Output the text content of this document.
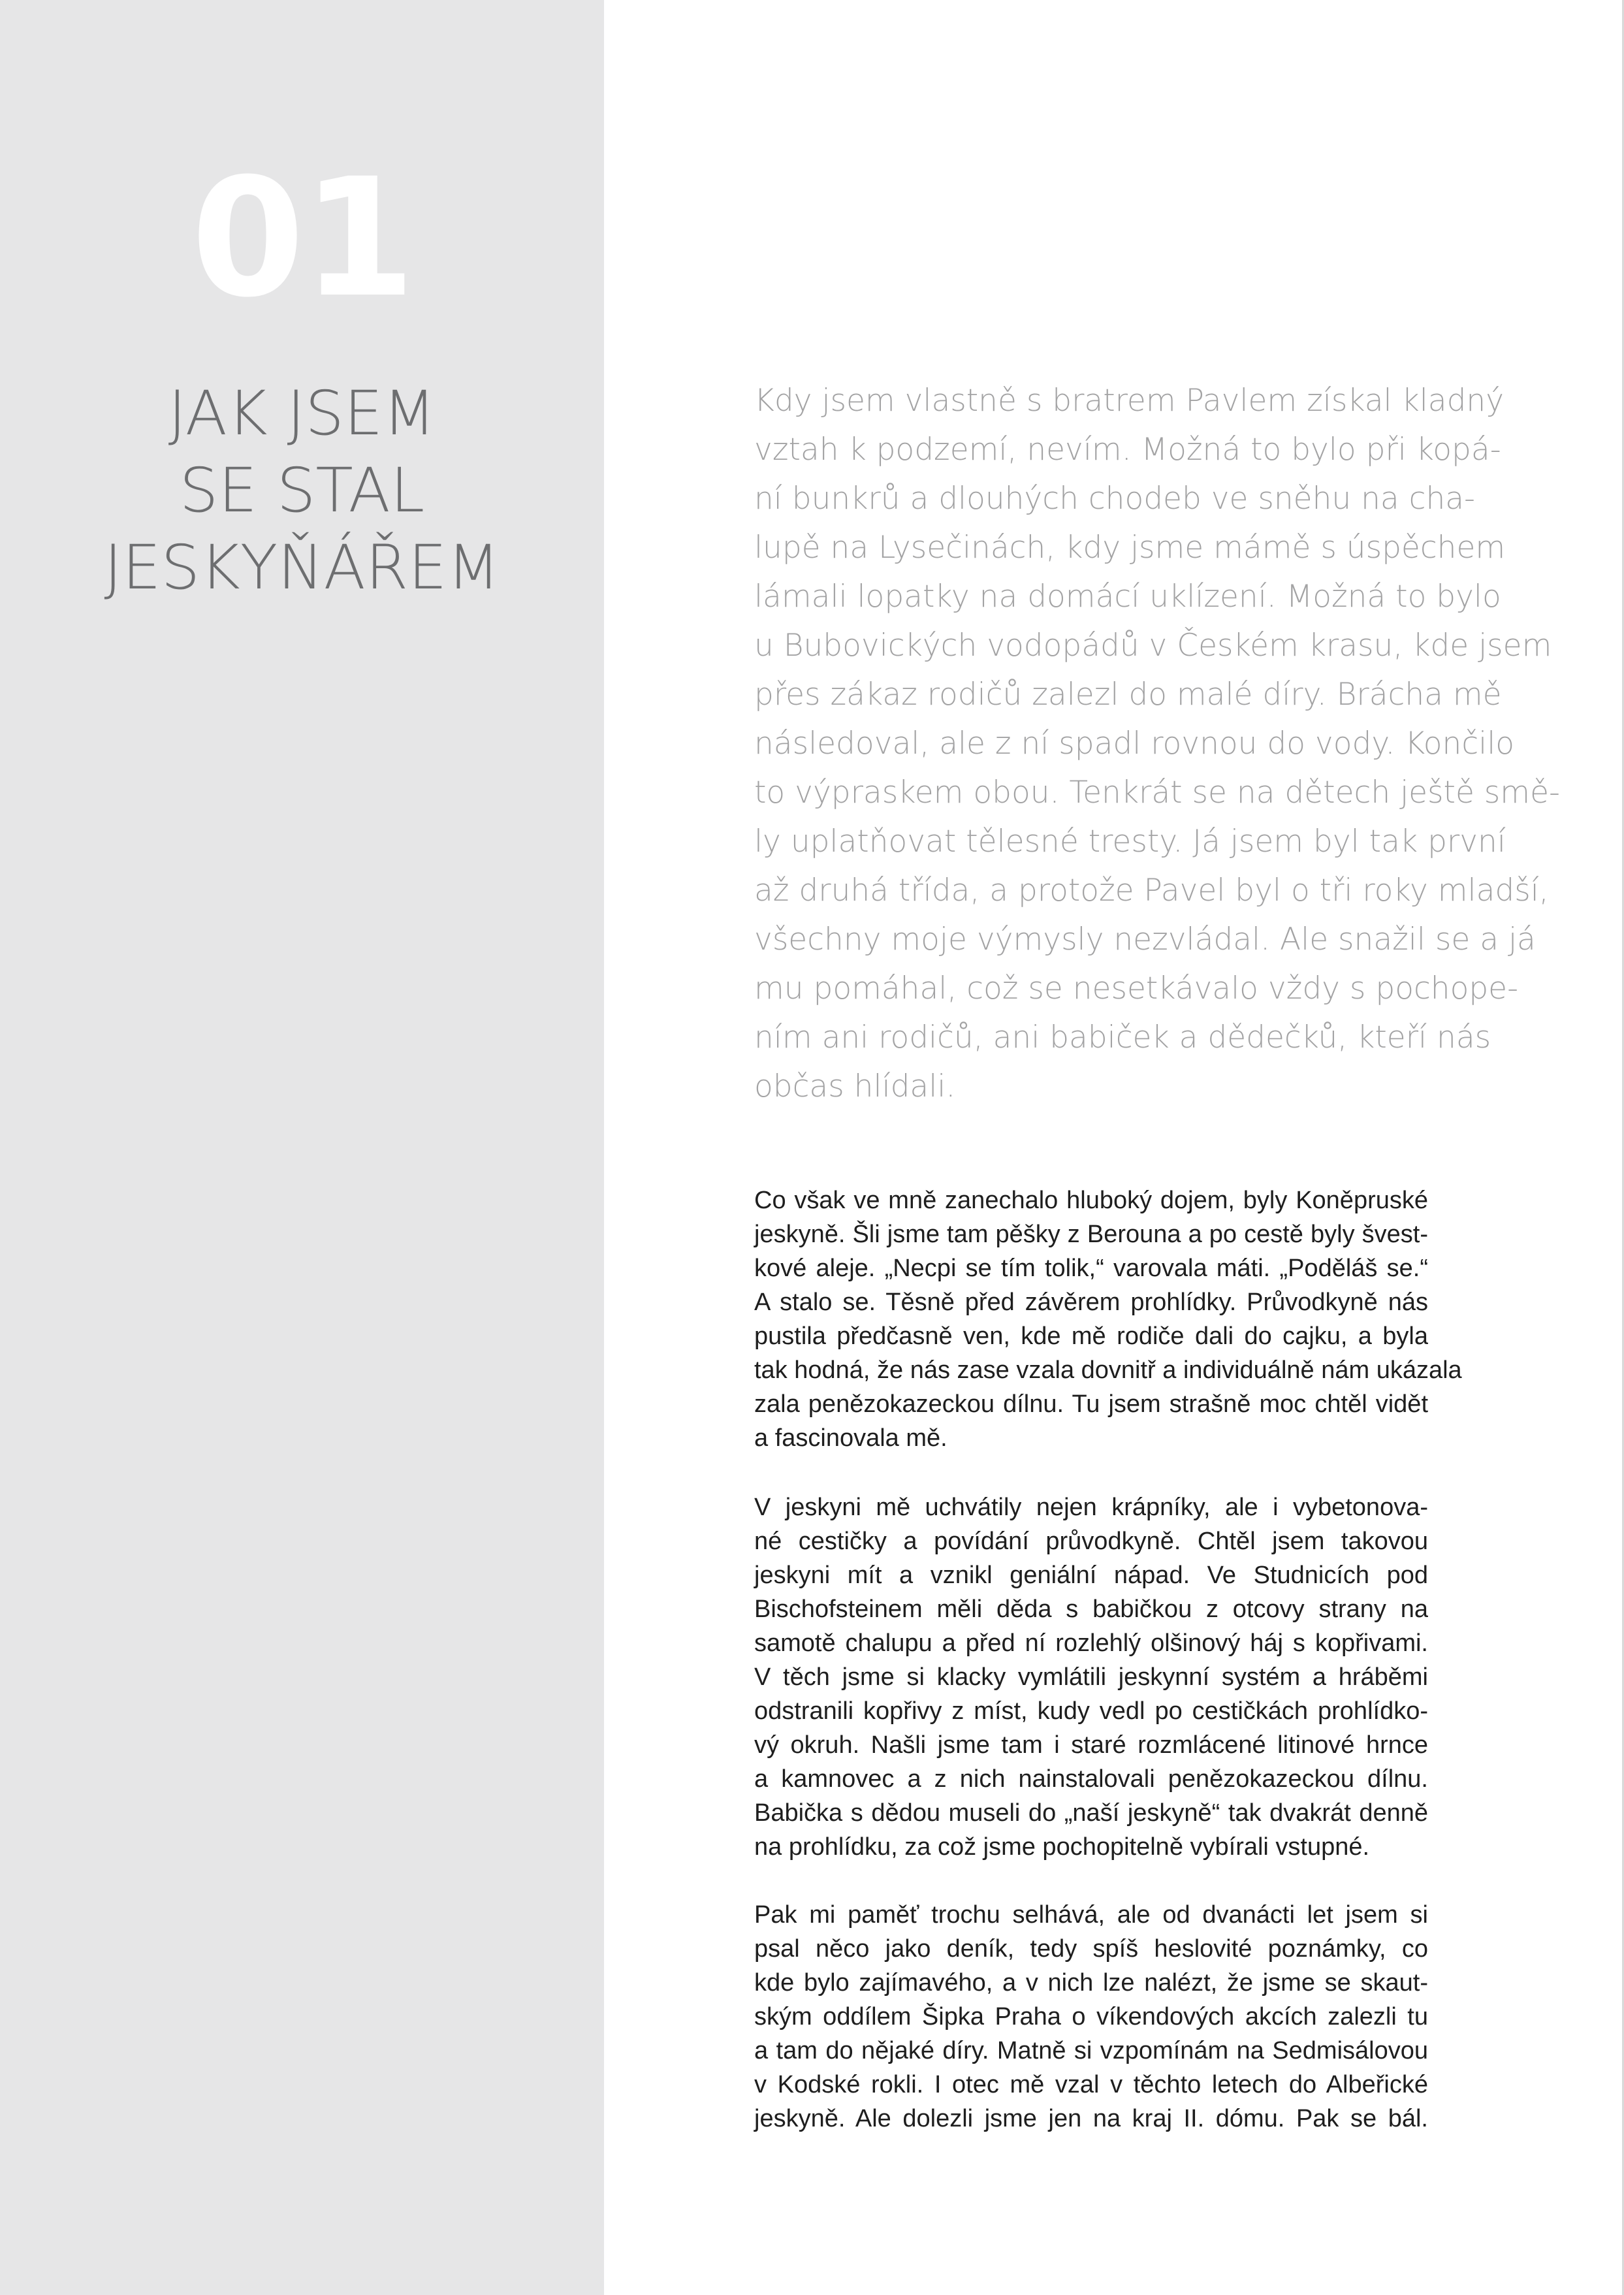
01
JAK JSEM
SE STAL
JESKYŇÁŘEM
Kdy jsem vlastně s bratrem Pavlem získal kladný
vztah k podzemí, nevím. Možná to bylo při kopá-
ní bunkrů a dlouhých chodeb ve sněhu na cha-
lupě na Lysečinách, kdy jsme mámě s úspěchem
lámali lopatky na domácí uklízení. Možná to bylo
u Bubovických vodopádů v Českém krasu, kde jsem
přes zákaz rodičů zalezl do malé díry. Brácha mě
následoval, ale z ní spadl rovnou do vody. Končilo
to výpraskem obou. Tenkrát se na dětech ještě smě-
ly uplatňovat tělesné tresty. Já jsem byl tak první
až druhá třída, a protože Pavel byl o tři roky mladší,
všechny moje výmysly nezvládal. Ale snažil se a já
mu pomáhal, což se nesetkávalo vždy s pochope-
ním ani rodičů, ani babiček a dědečků, kteří nás
občas hlídali.
Co však ve mně zanechalo hluboký dojem, byly Koněpruské
jeskyně. Šli jsme tam pěšky z Berouna a po cestě byly švest-
kové aleje. „Necpi se tím tolik,“ varovala máti. „Poděláš se.“
A stalo se. Těsně před závěrem prohlídky. Průvodkyně nás
pustila předčasně ven, kde mě rodiče dali do cajku, a byla
tak hodná, že nás zase vzala dovnitř a individuálně nám ukázala
zala penězokazeckou dílnu. Tu jsem strašně moc chtěl vidět
a fascinovala mě.
V jeskyni mě uchvátily nejen krápníky, ale i vybetonova-
né cestičky a povídání průvodkyně. Chtěl jsem takovou
jeskyni mít a vznikl geniální nápad. Ve Studnicích pod
Bischofsteinem měli děda s babičkou z otcovy strany na
samotě chalupu a před ní rozlehlý olšinový háj s kopřivami.
V těch jsme si klacky vymlátili jeskynní systém a hráběmi
odstranili kopřivy z míst, kudy vedl po cestičkách prohlídko-
vý okruh. Našli jsme tam i staré rozmlácené litinové hrnce
a kamnovec a z nich nainstalovali penězokazeckou dílnu.
Babička s dědou museli do „naší jeskyně“ tak dvakrát denně
na prohlídku, za což jsme pochopitelně vybírali vstupné.
Pak mi paměť trochu selhává, ale od dvanácti let jsem si
psal něco jako deník, tedy spíš heslovité poznámky, co
kde bylo zajímavého, a v nich lze nalézt, že jsme se skaut-
ským oddílem Šipka Praha o víkendových akcích zalezli tu
a tam do nějaké díry. Matně si vzpomínám na Sedmisálovou
v Kodské rokli. I otec mě vzal v těchto letech do Albeřické
jeskyně. Ale dolezli jsme jen na kraj II. dómu. Pak se bál.
